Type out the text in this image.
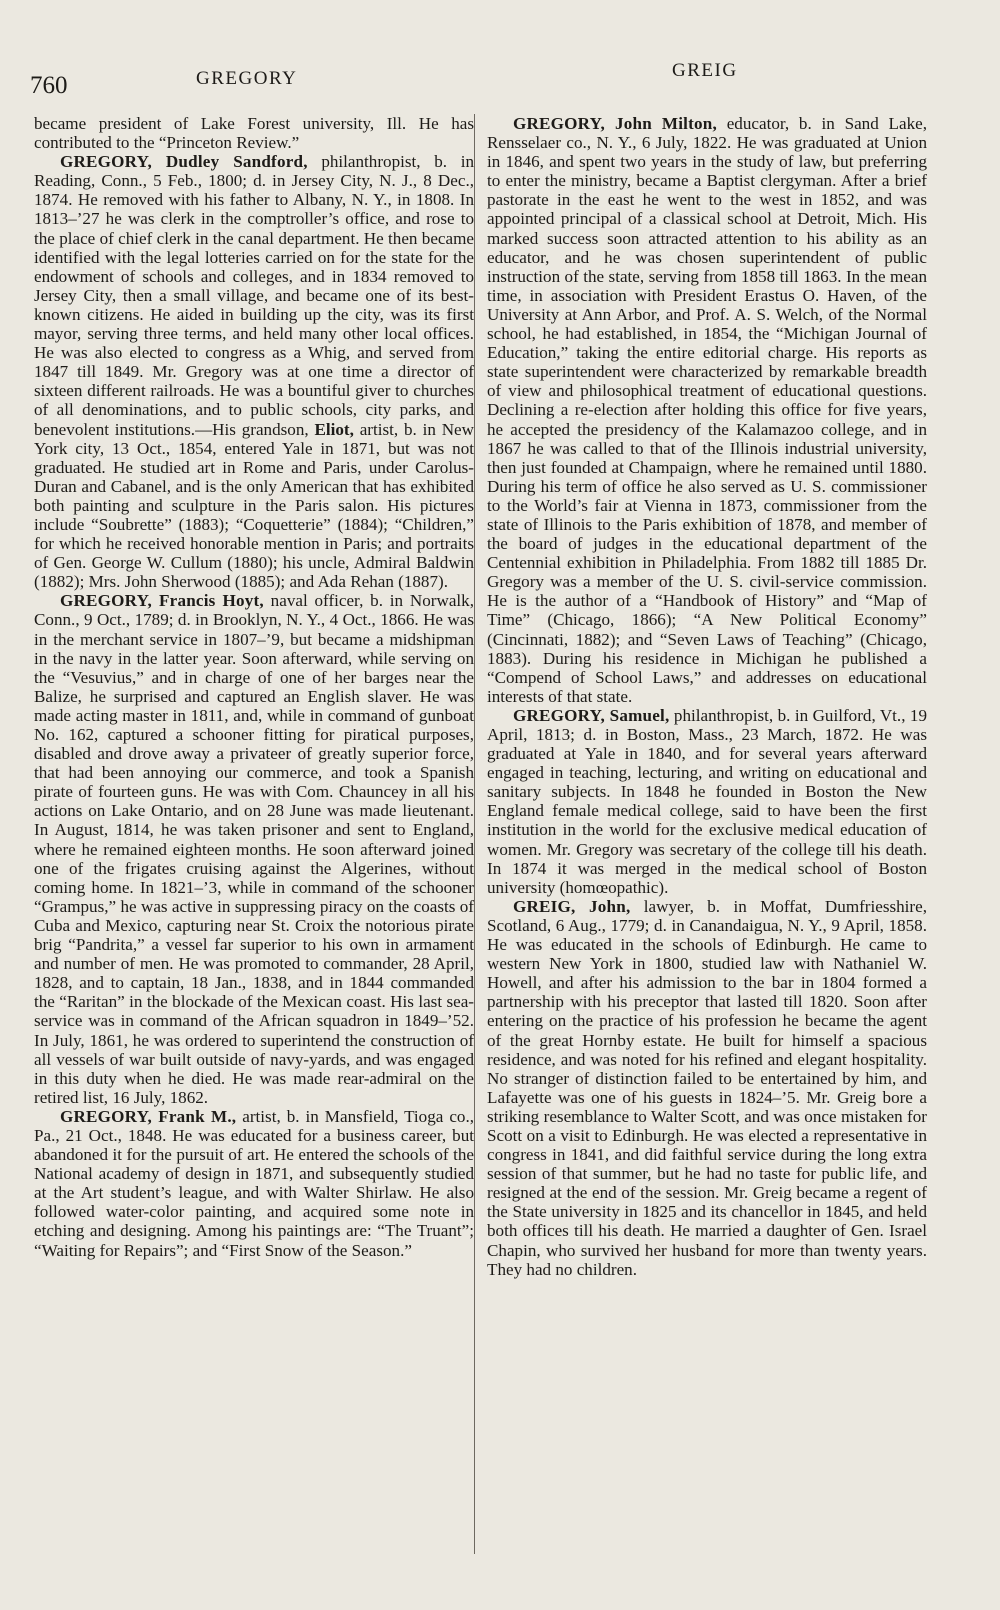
760	GREGORY	GREIG

became president of Lake Forest university, Ill. He has contributed to the “Princeton Review.”

GREGORY, Dudley Sandford, philanthropist, b. in Reading, Conn., 5 Feb., 1800; d. in Jersey City, N. J., 8 Dec., 1874. He removed with his father to Albany, N. Y., in 1808. In 1813–’27 he was clerk in the comptroller’s office, and rose to the place of chief clerk in the canal department. He then became identified with the legal lotteries carried on for the state for the endowment of schools and colleges, and in 1834 removed to Jersey City, then a small village, and became one of its best-known citizens. He aided in building up the city, was its first mayor, serving three terms, and held many other local offices. He was also elected to congress as a Whig, and served from 1847 till 1849. Mr. Gregory was at one time a director of sixteen different railroads. He was a bountiful giver to churches of all denominations, and to public schools, city parks, and benevolent institutions.—His grandson, Eliot, artist, b. in New York city, 13 Oct., 1854, entered Yale in 1871, but was not graduated. He studied art in Rome and Paris, under Carolus-Duran and Cabanel, and is the only American that has exhibited both painting and sculpture in the Paris salon. His pictures include “Soubrette” (1883); “Coquetterie” (1884); “Children,” for which he received honorable mention in Paris; and portraits of Gen. George W. Cullum (1880); his uncle, Admiral Baldwin (1882); Mrs. John Sherwood (1885); and Ada Rehan (1887).

GREGORY, Francis Hoyt, naval officer, b. in Norwalk, Conn., 9 Oct., 1789; d. in Brooklyn, N. Y., 4 Oct., 1866. He was in the merchant service in 1807–’9, but became a midshipman in the navy in the latter year. Soon afterward, while serving on the “Vesuvius,” and in charge of one of her barges near the Balize, he surprised and captured an English slaver. He was made acting master in 1811, and, while in command of gunboat No. 162, captured a schooner fitting for piratical purposes, disabled and drove away a privateer of greatly superior force, that had been annoying our commerce, and took a Spanish pirate of fourteen guns. He was with Com. Chauncey in all his actions on Lake Ontario, and on 28 June was made lieutenant. In August, 1814, he was taken prisoner and sent to England, where he remained eighteen months. He soon afterward joined one of the frigates cruising against the Algerines, without coming home. In 1821–’3, while in command of the schooner “Grampus,” he was active in suppressing piracy on the coasts of Cuba and Mexico, capturing near St. Croix the notorious pirate brig “Pandrita,” a vessel far superior to his own in armament and number of men. He was promoted to commander, 28 April, 1828, and to captain, 18 Jan., 1838, and in 1844 commanded the “Raritan” in the blockade of the Mexican coast. His last sea-service was in command of the African squadron in 1849–’52. In July, 1861, he was ordered to superintend the construction of all vessels of war built outside of navy-yards, and was engaged in this duty when he died. He was made rear-admiral on the retired list, 16 July, 1862.

GREGORY, Frank M., artist, b. in Mansfield, Tioga co., Pa., 21 Oct., 1848. He was educated for a business career, but abandoned it for the pursuit of art. He entered the schools of the National academy of design in 1871, and subsequently studied at the Art student’s league, and with Walter Shirlaw. He also followed water-color painting, and acquired some note in etching and designing. Among his paintings are: “The Truant”; “Waiting for Repairs”; and “First Snow of the Season.”

GREGORY, John Milton, educator, b. in Sand Lake, Rensselaer co., N. Y., 6 July, 1822. He was graduated at Union in 1846, and spent two years in the study of law, but preferring to enter the ministry, became a Baptist clergyman. After a brief pastorate in the east he went to the west in 1852, and was appointed principal of a classical school at Detroit, Mich. His marked success soon attracted attention to his ability as an educator, and he was chosen superintendent of public instruction of the state, serving from 1858 till 1863. In the mean time, in association with President Erastus O. Haven, of the University at Ann Arbor, and Prof. A. S. Welch, of the Normal school, he had established, in 1854, the “Michigan Journal of Education,” taking the entire editorial charge. His reports as state superintendent were characterized by remarkable breadth of view and philosophical treatment of educational questions. Declining a re-election after holding this office for five years, he accepted the presidency of the Kalamazoo college, and in 1867 he was called to that of the Illinois industrial university, then just founded at Champaign, where he remained until 1880. During his term of office he also served as U. S. commissioner to the World’s fair at Vienna in 1873, commissioner from the state of Illinois to the Paris exhibition of 1878, and member of the board of judges in the educational department of the Centennial exhibition in Philadelphia. From 1882 till 1885 Dr. Gregory was a member of the U. S. civil-service commission. He is the author of a “Handbook of History” and “Map of Time” (Chicago, 1866); “A New Political Economy” (Cincinnati, 1882); and “Seven Laws of Teaching” (Chicago, 1883). During his residence in Michigan he published a “Compend of School Laws,” and addresses on educational interests of that state.

GREGORY, Samuel, philanthropist, b. in Guilford, Vt., 19 April, 1813; d. in Boston, Mass., 23 March, 1872. He was graduated at Yale in 1840, and for several years afterward engaged in teaching, lecturing, and writing on educational and sanitary subjects. In 1848 he founded in Boston the New England female medical college, said to have been the first institution in the world for the exclusive medical education of women. Mr. Gregory was secretary of the college till his death. In 1874 it was merged in the medical school of Boston university (homœopathic).

GREIG, John, lawyer, b. in Moffat, Dumfriesshire, Scotland, 6 Aug., 1779; d. in Canandaigua, N. Y., 9 April, 1858. He was educated in the schools of Edinburgh. He came to western New York in 1800, studied law with Nathaniel W. Howell, and after his admission to the bar in 1804 formed a partnership with his preceptor that lasted till 1820. Soon after entering on the practice of his profession he became the agent of the great Hornby estate. He built for himself a spacious residence, and was noted for his refined and elegant hospitality. No stranger of distinction failed to be entertained by him, and Lafayette was one of his guests in 1824–’5. Mr. Greig bore a striking resemblance to Walter Scott, and was once mistaken for Scott on a visit to Edinburgh. He was elected a representative in congress in 1841, and did faithful service during the long extra session of that summer, but he had no taste for public life, and resigned at the end of the session. Mr. Greig became a regent of the State university in 1825 and its chancellor in 1845, and held both offices till his death. He married a daughter of Gen. Israel Chapin, who survived her husband for more than twenty years. They had no children.
